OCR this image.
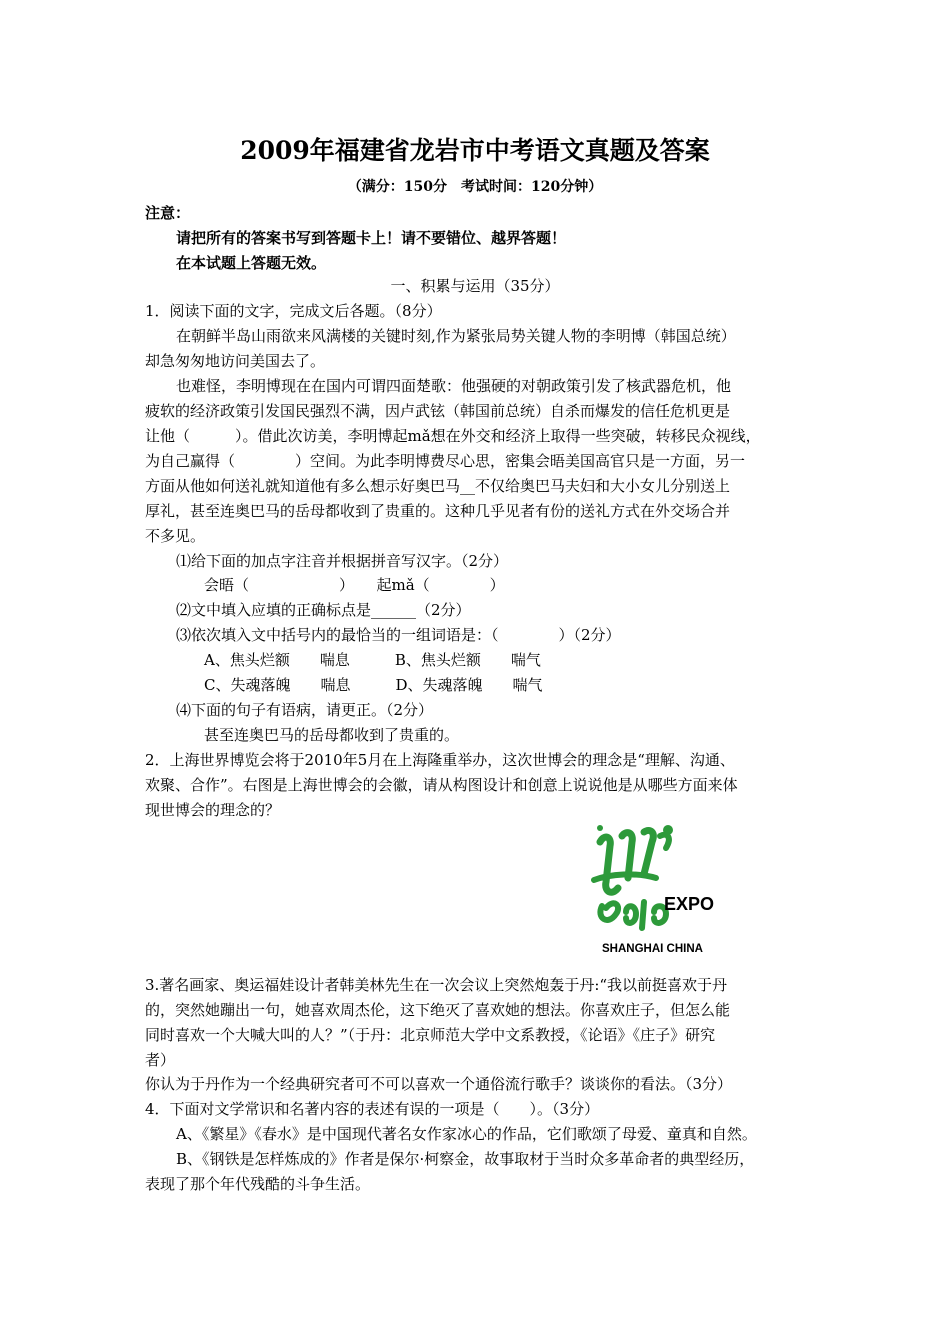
2009年福建省龙岩市中考语文真题及答案
（满分：150分　考试时间：120分钟）
注意：
请把所有的答案书写到答题卡上！请不要错位、越界答题！
在本试题上答题无效。
一、积累与运用（35分）
1．阅读下面的文字，完成文后各题。（8分）
在朝鲜半岛山雨欲来风满楼的关键时刻,作为紧张局势关键人物的李明博（韩国总统）
却急匆匆地访问美国去了。
也难怪，李明博现在在国内可谓四面楚歌：他强硬的对朝政策引发了核武器危机，他
疲软的经济政策引发国民强烈不满，因卢武铉（韩国前总统）自杀而爆发的信任危机更是
让他（　　　）。借此次访美，李明博起mǎ想在外交和经济上取得一些突破，转移民众视线，
为自己赢得（　　　　）空间。为此李明博费尽心思，密集会晤美国高官只是一方面，另一
方面从他如何送礼就知道他有多么想示好奥巴马__不仅给奥巴马夫妇和大小女儿分别送上
厚礼，甚至连奥巴马的岳母都收到了贵重的。这种几乎见者有份的送礼方式在外交场合并
不多见。
⑴给下面的加点字注音并根据拼音写汉字。（2分）
会晤（　　　　　　）　　起mǎ（　　　　）
⑵文中填入应填的正确标点是______（2分）
⑶依次填入文中括号内的最恰当的一组词语是：（　　　　）（2分）
A、焦头烂额　　喘息　　　B、焦头烂额　　喘气
C、失魂落魄　　喘息　　　D、失魂落魄　　喘气
⑷下面的句子有语病，请更正。（2分）
甚至连奥巴马的岳母都收到了贵重的。
2．上海世界博览会将于2010年5月在上海隆重举办，这次世博会的理念是“理解、沟通、
欢聚、合作”。右图是上海世博会的会徽，请从构图设计和创意上说说他是从哪些方面来体
现世博会的理念的？
EXPO
SHANGHAI CHINA
3.著名画家、奥运福娃设计者韩美林先生在一次会议上突然炮轰于丹:“我以前挺喜欢于丹
的，突然她蹦出一句，她喜欢周杰伦，这下绝灭了喜欢她的想法。你喜欢庄子，但怎么能
同时喜欢一个大喊大叫的人？”（于丹：北京师范大学中文系教授，《论语》《庄子》研究
者）
你认为于丹作为一个经典研究者可不可以喜欢一个通俗流行歌手？谈谈你的看法。（3分）
4．下面对文学常识和名著内容的表述有误的一项是（　　）。（3分）
A、《繁星》《春水》是中国现代著名女作家冰心的作品，它们歌颂了母爱、童真和自然。
B、《钢铁是怎样炼成的》作者是保尔·柯察金，故事取材于当时众多革命者的典型经历，
表现了那个年代残酷的斗争生活。
